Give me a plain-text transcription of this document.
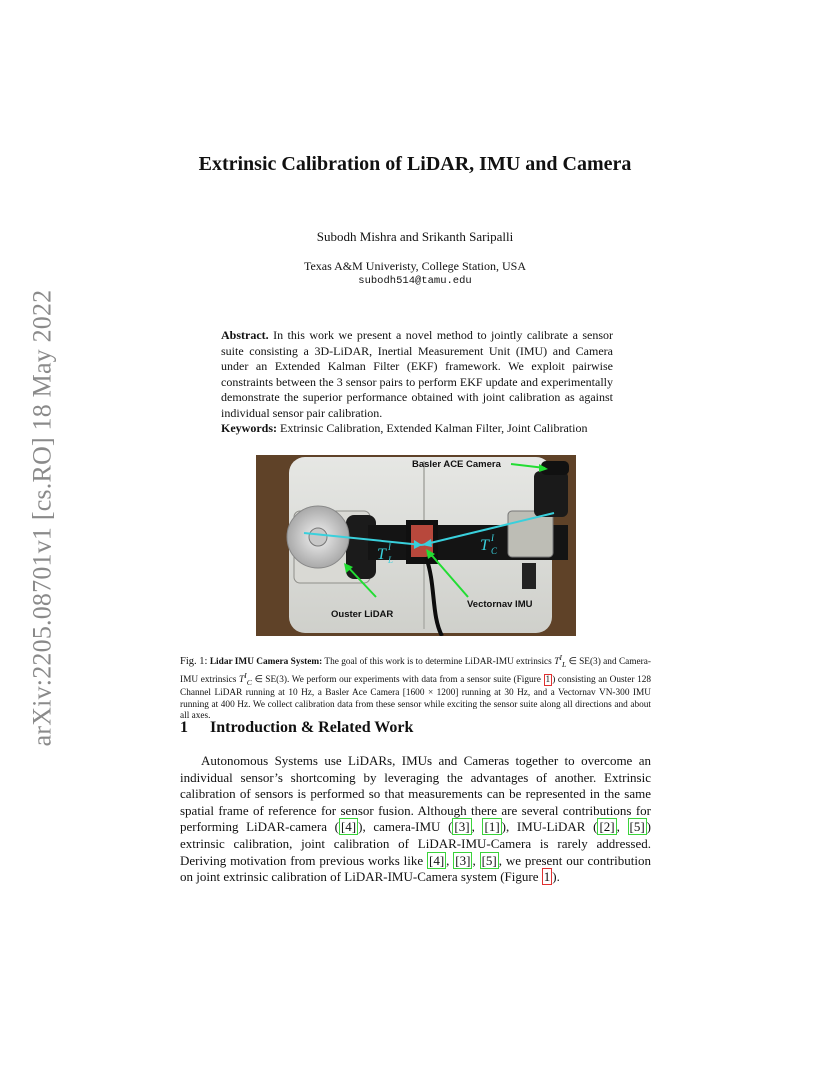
arXiv:2205.08701v1 [cs.RO] 18 May 2022
Extrinsic Calibration of LiDAR, IMU and Camera
Subodh Mishra and Srikanth Saripalli
Texas A&M Univeristy, College Station, USA
subodh514@tamu.edu
Abstract. In this work we present a novel method to jointly calibrate a sensor suite consisting a 3D-LiDAR, Inertial Measurement Unit (IMU) and Camera under an Extended Kalman Filter (EKF) framework. We exploit pairwise constraints between the 3 sensor pairs to perform EKF update and experimentally demonstrate the superior performance obtained with joint calibration as against individual sensor pair calibration.
Keywords: Extrinsic Calibration, Extended Kalman Filter, Joint Calibration
Basler ACE Camera
Ouster LiDAR
Vectornav IMU
T I
L
T I
C
Fig. 1: Lidar IMU Camera System: The goal of this work is to determine LiDAR-IMU extrinsics $T^I_L$ ∈ SE(3) and Camera-IMU extrinsics $T^I_C$ ∈ SE(3). We perform our experiments with data from a sensor suite (Figure 1 ) consisting an Ouster 128 Channel LiDAR running at 10 Hz, a Basler Ace Camera [1600 × 1200] running at 30 Hz, and a Vectornav VN-300 IMU running at 400 Hz. We collect calibration data from these sensor while exciting the sensor suite along all directions and about all axes.
1 Introduction & Related Work
Autonomous Systems use LiDARs, IMUs and Cameras together to overcome an individual sensor’s shortcoming by leveraging the advantages of another. Extrinsic calibration of sensors is performed so that measurements can be represented in the same spatial frame of reference for sensor fusion. Although there are several contributions for performing LiDAR-camera ( [4] ), camera-IMU ( [3] , [1] ), IMU-LiDAR ( [2] , [5] ) extrinsic calibration, joint calibration of LiDAR-IMU-Camera is rarely addressed. Deriving motivation from previous works like [4] , [3] , [5] , we present our contribution on joint extrinsic calibration of LiDAR-IMU-Camera system (Figure 1 ).
